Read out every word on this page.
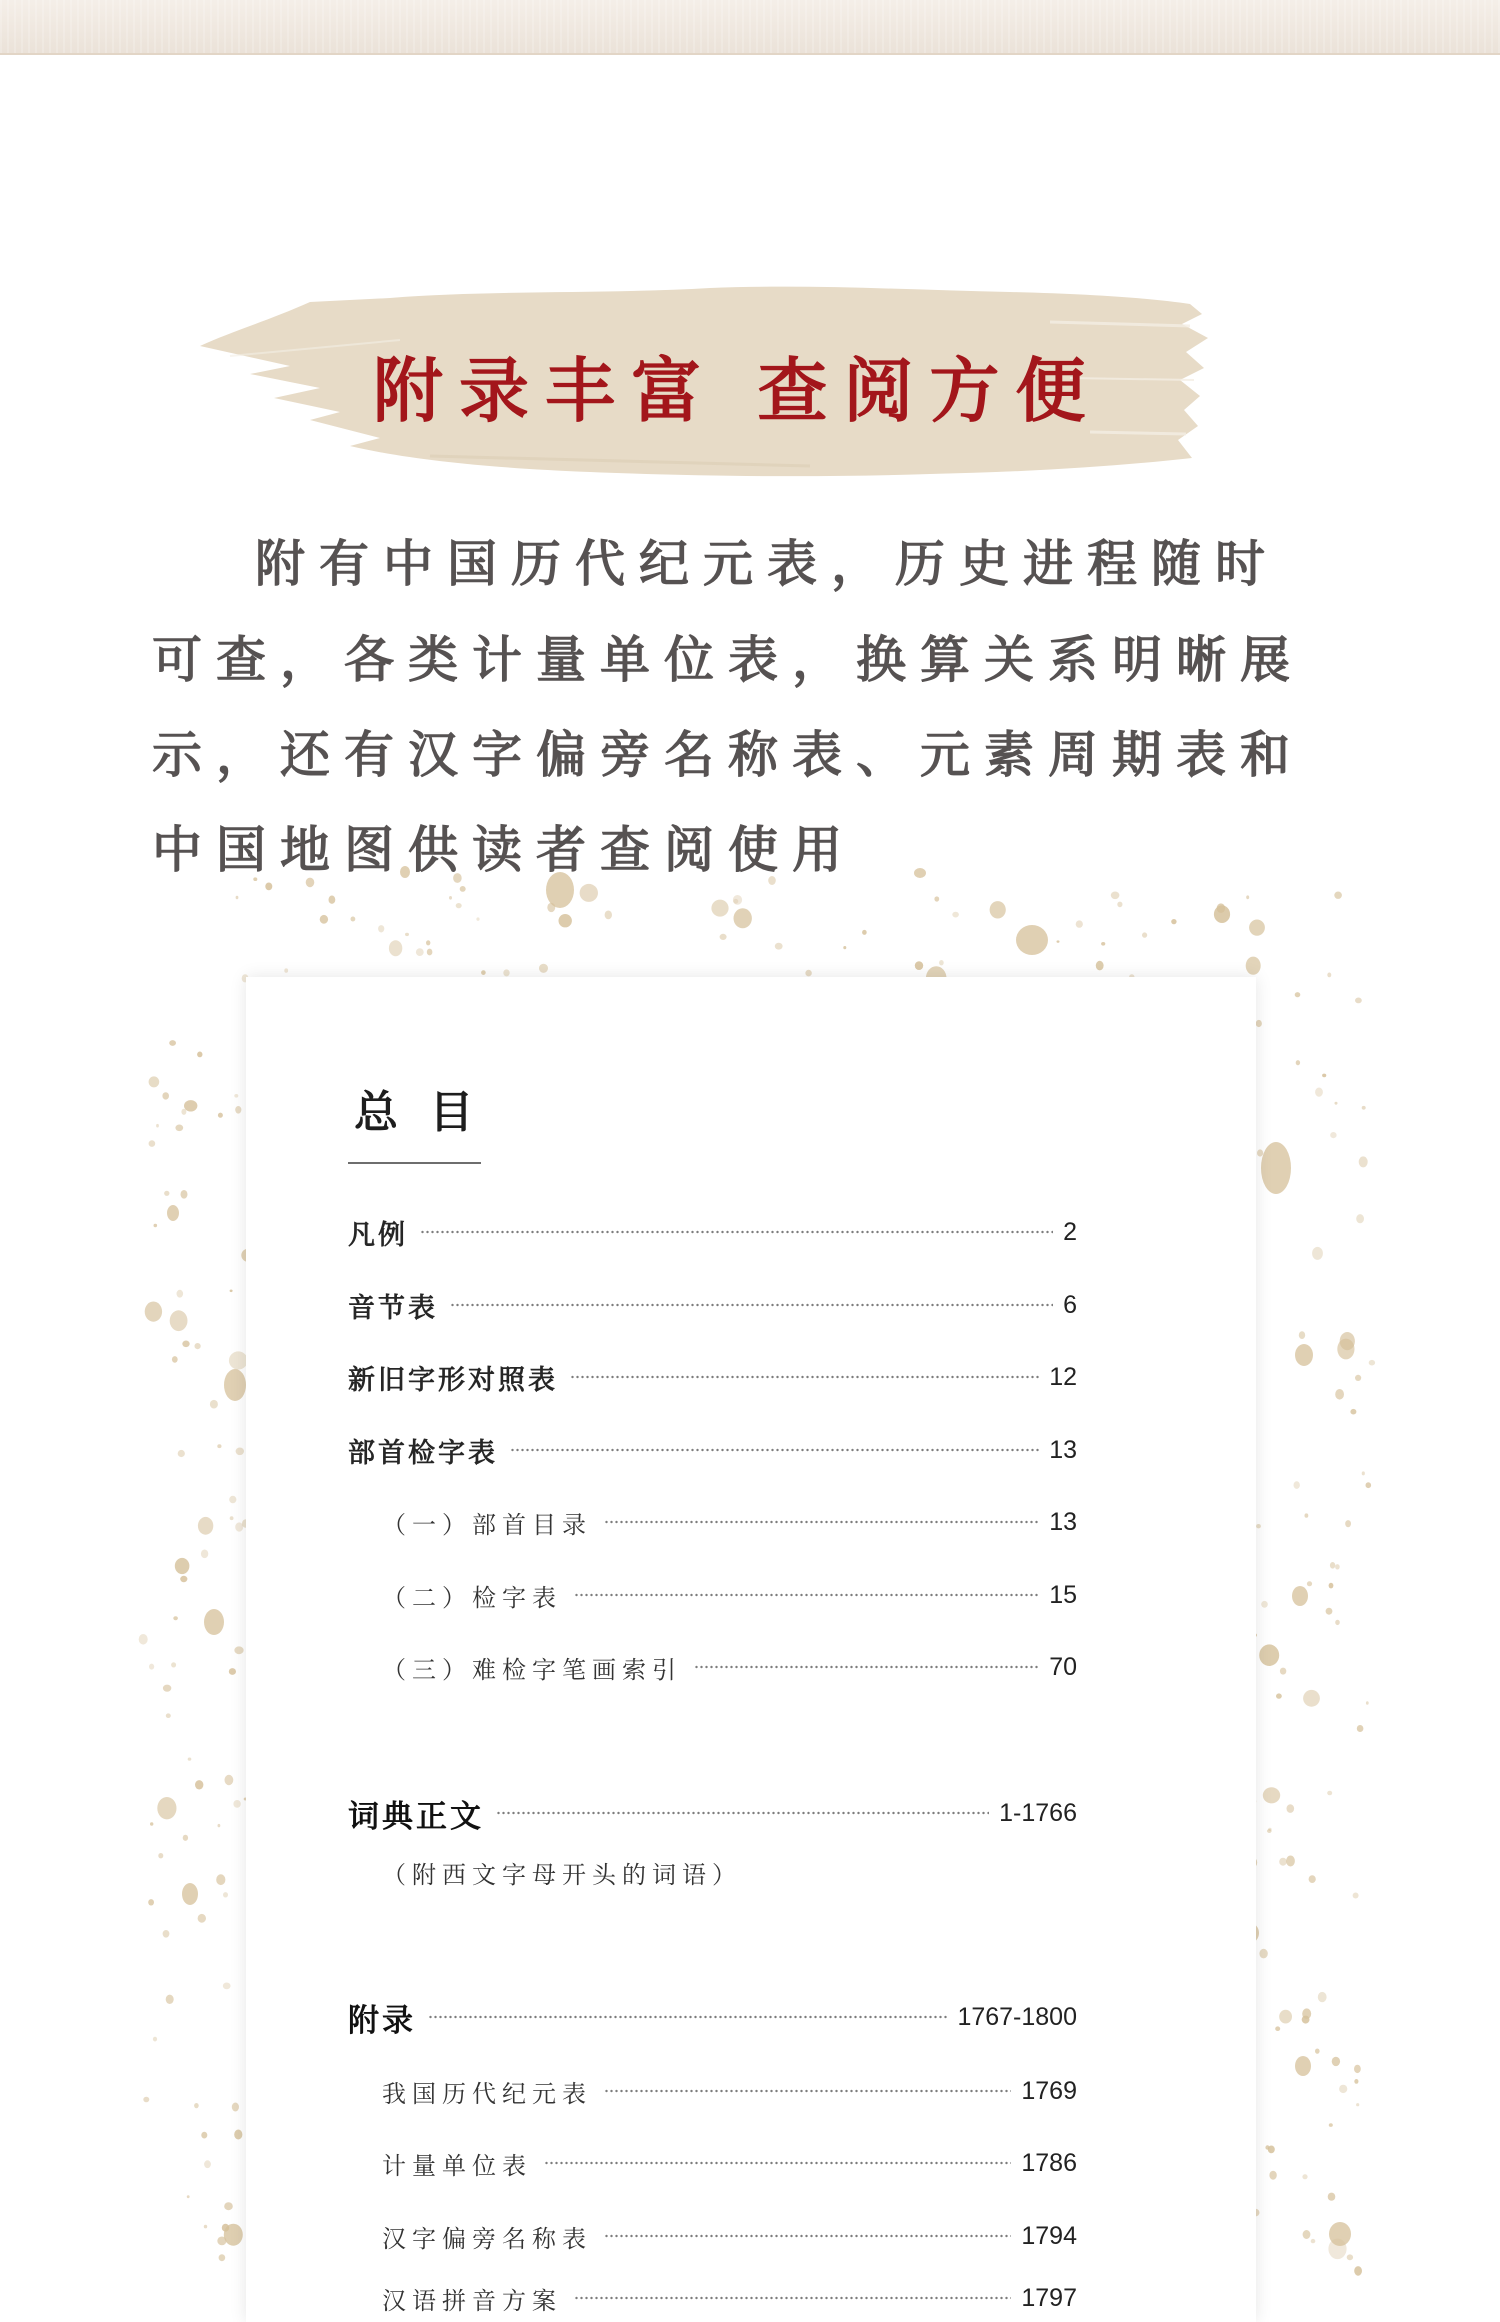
附录丰富 查阅方便
附有中国历代纪元表，历史进程随时
可查，各类计量单位表，换算关系明晰展
示，还有汉字偏旁名称表、元素周期表和
中国地图供读者查阅使用
总 目
凡例	2
音节表	6
新旧字形对照表	12
部首检字表	13
（一）部首目录	13
（二）检字表	15
（三）难检字笔画索引	70
词典正文	1-1766
（附西文字母开头的词语）
附录	1767-1800
我国历代纪元表	1769
计量单位表	1786
汉字偏旁名称表	1794
汉语拼音方案	1797
